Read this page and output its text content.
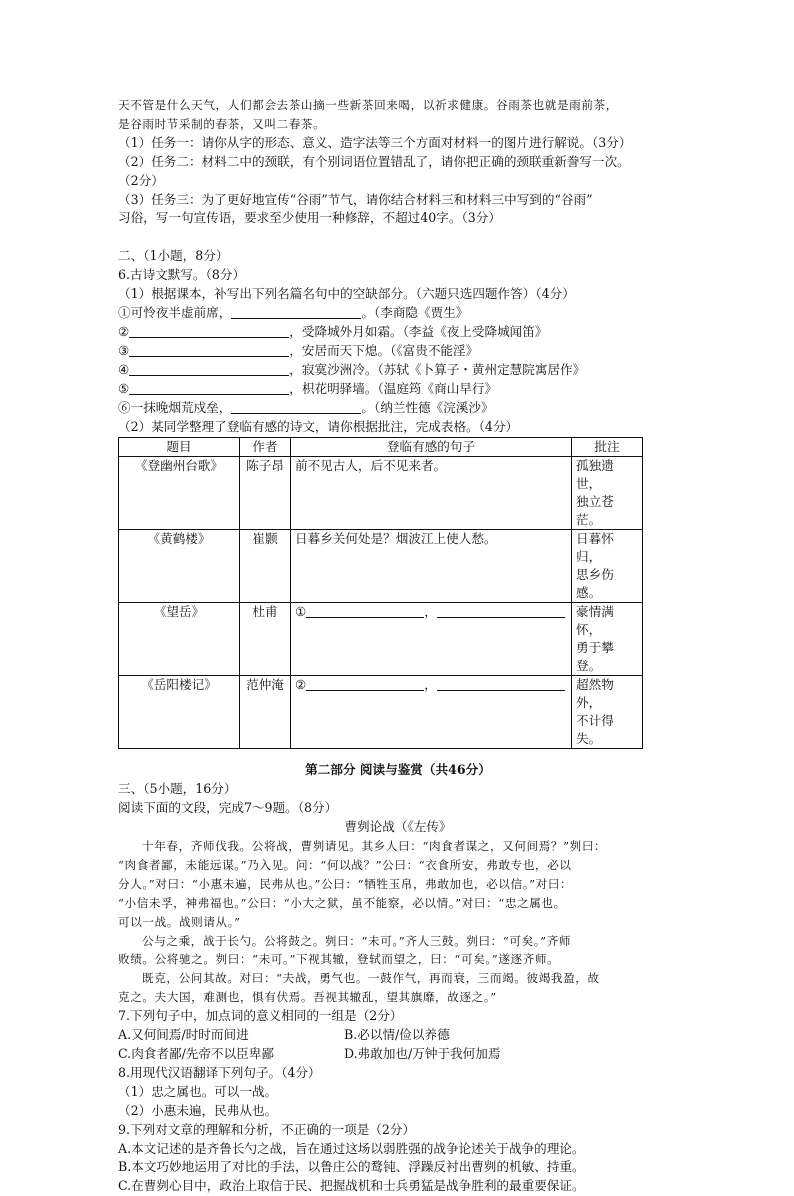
天不管是什么天气，人们都会去茶山摘一些新茶回来喝，以祈求健康。谷雨茶也就是雨前茶，
是谷雨时节采制的春茶，又叫二春茶。
（1）任务一：请你从字的形态、意义、造字法等三个方面对材料一的图片进行解说。（3分）
（2）任务二：材料二中的颈联，有个别词语位置错乱了，请你把正确的颈联重新誊写一次。
（2分）
（3）任务三：为了更好地宣传“谷雨”节气，请你结合材料三和材料三中写到的“谷雨”
习俗，写一句宣传语，要求至少使用一种修辞，不超过40字。（3分）
二、（1小题，8分）
6.古诗文默写。（8分）
（1）根据课本，补写出下列名篇名句中的空缺部分。（六题只选四题作答）（4分）
①可怜夜半虚前席，	。（李商隐《贾生》
②	，受降城外月如霜。（李益《夜上受降城闻笛》
③	，安居而天下熄。（《富贵不能淫》
④	，寂寞沙洲冷。（苏轼《卜算子・黄州定慧院寓居作》
⑤	，枳花明驿墙。（温庭筠《商山早行》
⑥一抹晚烟荒戍垒，	。（纳兰性德《浣溪沙》
（2）某同学整理了登临有感的诗文，请你根据批注，完成表格。（4分）
题目	作者	登临有感的句子	批注
《登幽州台歌》	陈子昂	前不见古人，后不见来者。	孤独遗世，
独立苍茫。

《黄鹤楼》	崔颢	日暮乡关何处是？烟波江上使人愁。	日暮怀归，
思乡伤感。

《望岳》	杜甫	① ，	豪情满怀，
勇于攀登。

《岳阳楼记》	范仲淹	② ，	超然物外，
不计得失。
第二部分 阅读与鉴赏（共46分）
三、（5小题，16分）
阅读下面的文段，完成7～9题。（8分）
曹刿论战（《左传》
十年春，齐师伐我。公将战，曹刿请见。其乡人曰：“肉食者谋之，又何间焉？”刿曰：
“肉食者鄙，未能远谋。”乃入见。问：“何以战？”公曰：“衣食所安，弗敢专也，必以
分人。”对曰：“小惠未遍，民弗从也。”公曰：“牺牲玉帛，弗敢加也，必以信。”对曰：
“小信未孚，神弗福也。”公曰：“小大之狱，虽不能察，必以情。”对曰：“忠之属也。
可以一战。战则请从。”
公与之乘，战于长勺。公将鼓之。刿曰：“未可。”齐人三鼓。刿曰：“可矣。”齐师
败绩。公将驰之。刿曰：“未可。”下视其辙，登轼而望之，曰：“可矣。”遂逐齐师。
既克，公问其故。对曰：“夫战，勇气也。一鼓作气，再而衰，三而竭。彼竭我盈，故
克之。夫大国，难测也，惧有伏焉。吾视其辙乱，望其旗靡，故逐之。”
7.下列句子中，加点词的意义相同的一组是（2分）
A.又何间焉/时时而间进	B.必以情/俭以养德
C.肉食者鄙/先帝不以臣卑鄙	D.弗敢加也/万钟于我何加焉
8.用现代汉语翻译下列句子。（4分）
（1）忠之属也。可以一战。
（2）小惠未遍，民弗从也。
9.下列对文章的理解和分析，不正确的一项是（2分）
A.本文记述的是齐鲁长勺之战，旨在通过这场以弱胜强的战争论述关于战争的理论。
B.本文巧妙地运用了对比的手法，以鲁庄公的鹜钝、浮躁反衬出曹刿的机敏、持重。
C.在曹刿心目中，政治上取信于民、把握战机和士兵勇猛是战争胜利的最重要保证。
